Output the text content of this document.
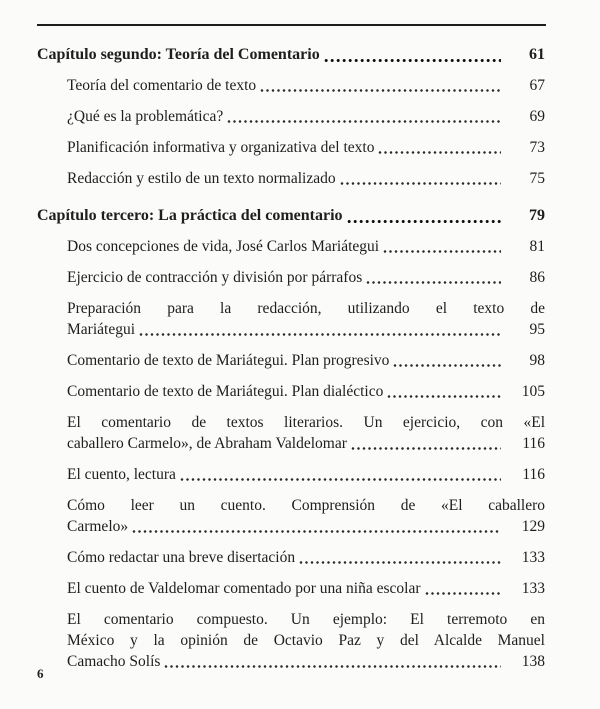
Capítulo segundo: Teoría del Comentario	61
Teoría del comentario de texto	67
¿Qué es la problemática?	69
Planificación informativa y organizativa del texto	73
Redacción y estilo de un texto normalizado	75
Capítulo tercero: La práctica del comentario	79
Dos concepciones de vida, José Carlos Mariátegui	81
Ejercicio de contracción y división por párrafos	86
Preparación para la redacción, utilizando el texto de
Mariátegui	95
Comentario de texto de Mariátegui. Plan progresivo	98
Comentario de texto de Mariátegui. Plan dialéctico	105
El comentario de textos literarios. Un ejercicio, con «El
caballero Carmelo», de Abraham Valdelomar	116
El cuento, lectura	116
Cómo leer un cuento. Comprensión de «El caballero
Carmelo»	129
Cómo redactar una breve disertación	133
El cuento de Valdelomar comentado por una niña escolar	133
El comentario compuesto. Un ejemplo: El terremoto en
México y la opinión de Octavio Paz y del Alcalde Manuel
Camacho Solís	138
6
